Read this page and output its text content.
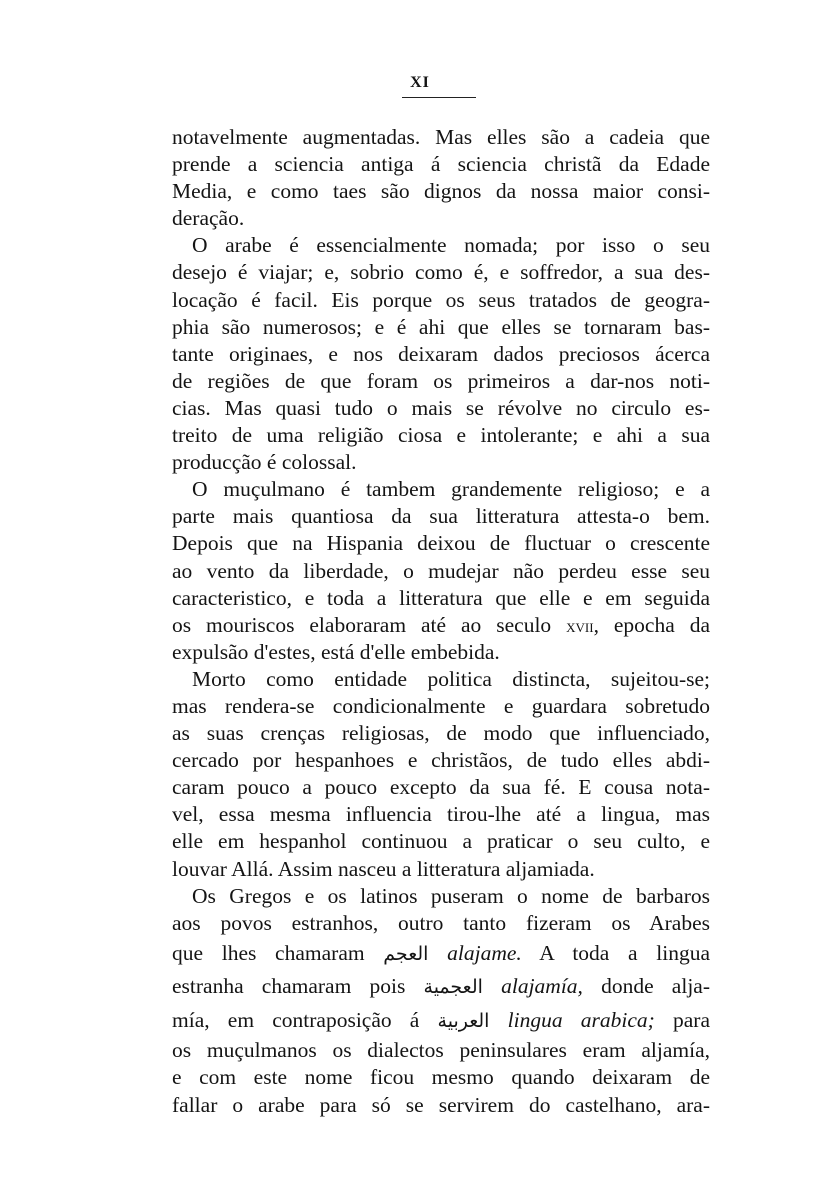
XI
notavelmente augmentadas. Mas elles são a cadeia que
prende a sciencia antiga á sciencia christã da Edade
Media, e como taes são dignos da nossa maior consi-
deração.
O arabe é essencialmente nomada; por isso o seu
desejo é viajar; e, sobrio como é, e soffredor, a sua des-
locação é facil. Eis porque os seus tratados de geogra-
phia são numerosos; e é ahi que elles se tornaram bas-
tante originaes, e nos deixaram dados preciosos ácerca
de regiões de que foram os primeiros a dar-nos noti-
cias. Mas quasi tudo o mais se révolve no circulo es-
treito de uma religião ciosa e intolerante; e ahi a sua
producção é colossal.
O muçulmano é tambem grandemente religioso; e a
parte mais quantiosa da sua litteratura attesta-o bem.
Depois que na Hispania deixou de fluctuar o crescente
ao vento da liberdade, o mudejar não perdeu esse seu
caracteristico, e toda a litteratura que elle e em seguida
os mouriscos elaboraram até ao seculo xvii, epocha da
expulsão d'estes, está d'elle embebida.
Morto como entidade politica distincta, sujeitou-se;
mas rendera-se condicionalmente e guardara sobretudo
as suas crenças religiosas, de modo que influenciado,
cercado por hespanhoes e christãos, de tudo elles abdi-
caram pouco a pouco excepto da sua fé. E cousa nota-
vel, essa mesma influencia tirou-lhe até a lingua, mas
elle em hespanhol continuou a praticar o seu culto, e
louvar Allá. Assim nasceu a litteratura aljamiada.
Os Gregos e os latinos puseram o nome de barbaros
aos povos estranhos, outro tanto fizeram os Arabes
que lhes chamaram العجم alajame. A toda a lingua
estranha chamaram pois العجمية alajamía, donde alja-
mía, em contraposição á العربية lingua arabica; para
os muçulmanos os dialectos peninsulares eram aljamía,
e com este nome ficou mesmo quando deixaram de
fallar o arabe para só se servirem do castelhano, ara-
